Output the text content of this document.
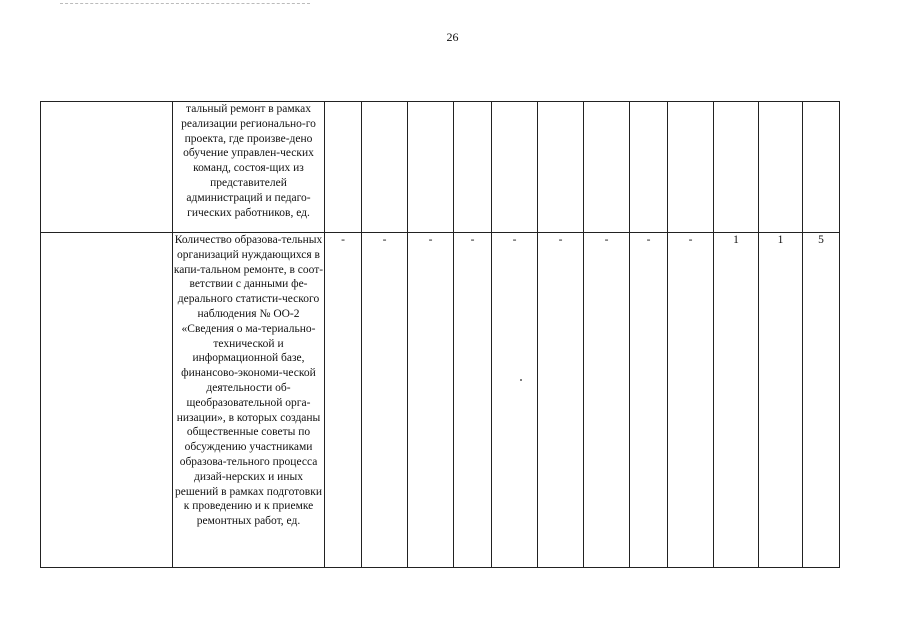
26
	тальный ремонт в рамках реализации регионально-го проекта, где произве-дено обучение управлен-ческих команд, состоя-щих из представителей администраций и педаго-гических работников, ед.												
	Количество образова-тельных организаций нуждающихся в капи-тальном ремонте, в соот-ветствии с данными фе-дерального статисти-ческого наблюдения № ОО-2 «Сведения о ма-териально-технической и информационной базе, финансово-экономи-ческой деятельности об-щеобразовательной орга-низации», в которых созданы общественные советы по обсуждению участниками образова-тельного процесса дизай-нерских и иных решений в рамках подготовки к проведению и к приемке ремонтных работ, ед.	-	-	-	-	-	-	-	-	-	1	1	5
